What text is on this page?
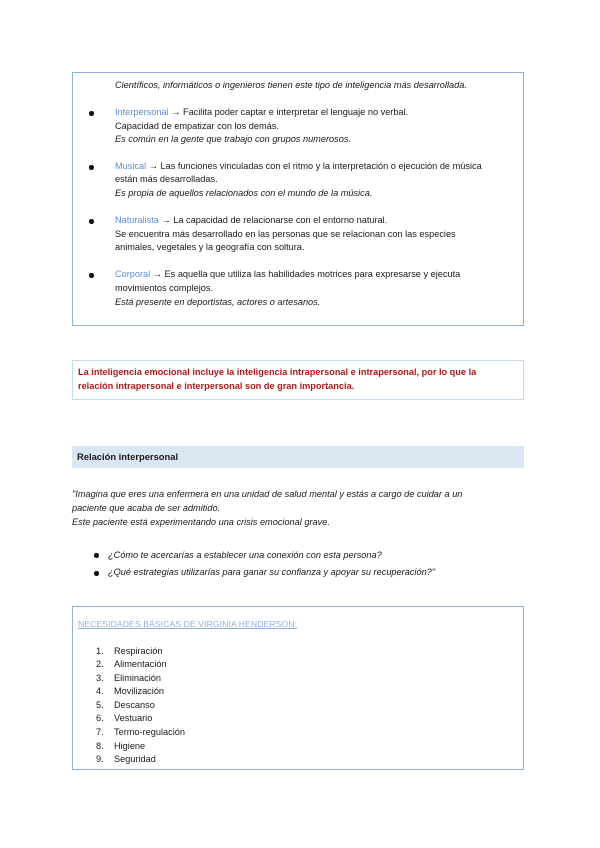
Científicos, informáticos o ingenieros tienen este tipo de inteligencia más desarrollada.
Interpersonal → Facilita poder captar e interpretar el lenguaje no verbal.
Capacidad de empatizar con los demás.
Es común en la gente que trabajo con grupos numerosos.
Musical → Las funciones vinculadas con el ritmo y la interpretación o ejecución de música
están más desarrolladas.
Es propia de aquellos relacionados con el mundo de la música.
Naturalista → La capacidad de relacionarse con el entorno natural.
Se encuentra más desarrollado en las personas que se relacionan con las especies
animales, vegetales y la geografía con soltura.
Corporal → Es aquella que utiliza las habilidades motrices para expresarse y ejecuta
movimientos complejos.
Está presente en deportistas, actores o artesanos.
La inteligencia emocional incluye la inteligencia intrapersonal e intrapersonal, por lo que la
relación intrapersonal e interpersonal son de gran importancia.
Relación interpersonal
"Imagina que eres una enfermera en una unidad de salud mental y estás a cargo de cuidar a un
paciente que acaba de ser admitido.
Este paciente está experimentando una crisis emocional grave.
¿Cómo te acercarías a establecer una conexión con esta persona?
¿Qué estrategias utilizarías para ganar su confianza y apoyar su recuperación?"
NECESIDADES BÁSICAS DE VIRGINIA HENDERSON:
1. Respiración
2. Alimentación
3. Eliminación
4. Movilización
5. Descanso
6. Vestuario
7. Termo-regulación
8. Higiene
9. Seguridad
